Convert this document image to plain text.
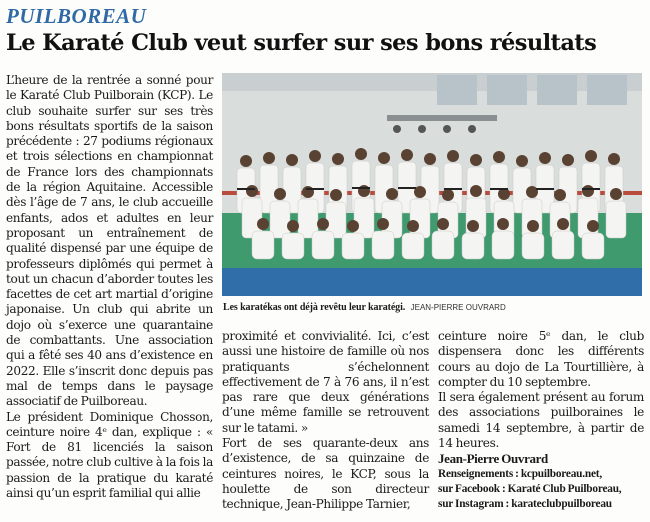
PUILBOREAU
Le Karaté Club veut surfer sur ses bons résultats

L’heure de la rentrée a sonné pour le Karaté Club Puilborain (KCP). Le club souhaite surfer sur ses très bons résultats sportifs de la saison précédente : 27 podiums régionaux et trois sélections en championnat de France lors des championnats de la région Aquitaine. Accessible dès l’âge de 7 ans, le club accueille enfants, ados et adultes en leur proposant un entraînement de qualité dispensé par une équipe de professeurs diplômés qui permet à tout un chacun d’aborder toutes les facettes de cet art martial d’origine japonaise. Un club qui abrite un dojo où s’exerce une quarantaine de combattants. Une association qui a fêté ses 40 ans d’existence en 2022. Elle s’inscrit donc depuis pas mal de temps dans le paysage associatif de Puilboreau.

Le président Dominique Chosson, ceinture noire 4ᵉ dan, explique : « Fort de 81 licenciés la saison passée, notre club cultive à la fois la passion de la pratique du karaté ainsi qu’un esprit familial qui allie

Les karatékas ont déjà revêtu leur karatégi. JEAN-PIERRE OUVRARD

proximité et convivialité. Ici, c’est aussi une histoire de famille où nos pratiquants s’échelonnent effectivement de 7 à 76 ans, il n’est pas rare que deux générations d’une même famille se retrouvent sur le tatami. »

Fort de ses quarante-deux ans d’existence, de sa quinzaine de ceintures noires, le KCP, sous la houlette de son directeur technique, Jean-Philippe Tarnier,

ceinture noire 5ᵉ dan, le club dispensera donc les différents cours au dojo de La Tourtillière, à compter du 10 septembre.

Il sera également présent au forum des associations puilboraines le samedi 14 septembre, à partir de 14 heures.

Jean-Pierre Ouvrard

Renseignements : kcpuilboreau.net,

sur Facebook : Karaté Club Puilboreau,

sur Instagram : karateclubpuilboreau
